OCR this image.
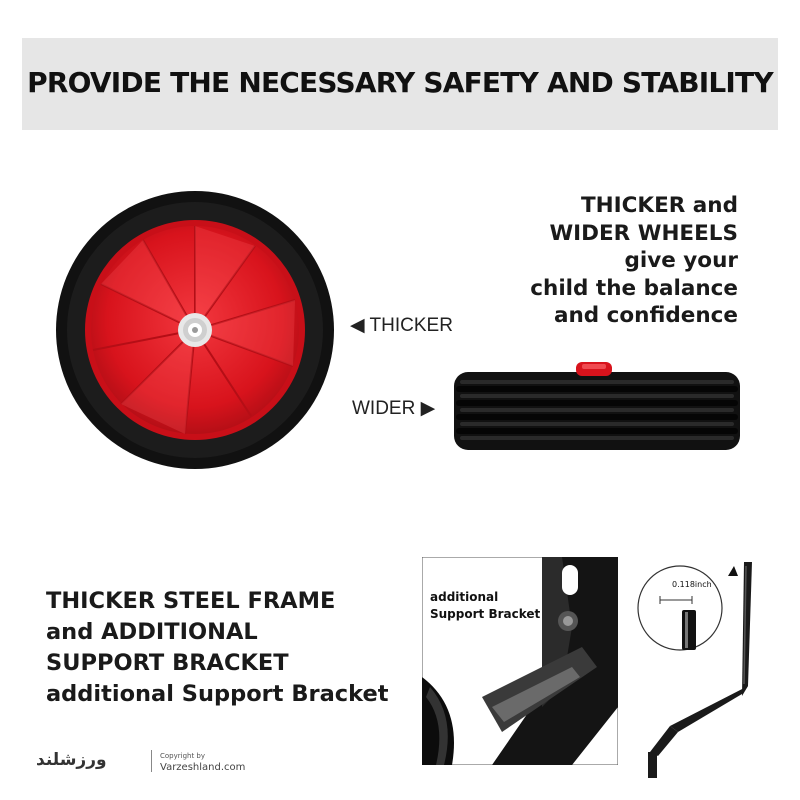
PROVIDE THE NECESSARY SAFETY AND STABILITY
THICKER and
WIDER WHEELS
give your
child the balance
and confidence
◀ THICKER
WIDER ▶
THICKER STEEL FRAME
and ADDITIONAL
SUPPORT BRACKET
additional Support Bracket
additional
Support Bracket
0.118inch
ورزشلند	Copyright by
Varzeshland.com
